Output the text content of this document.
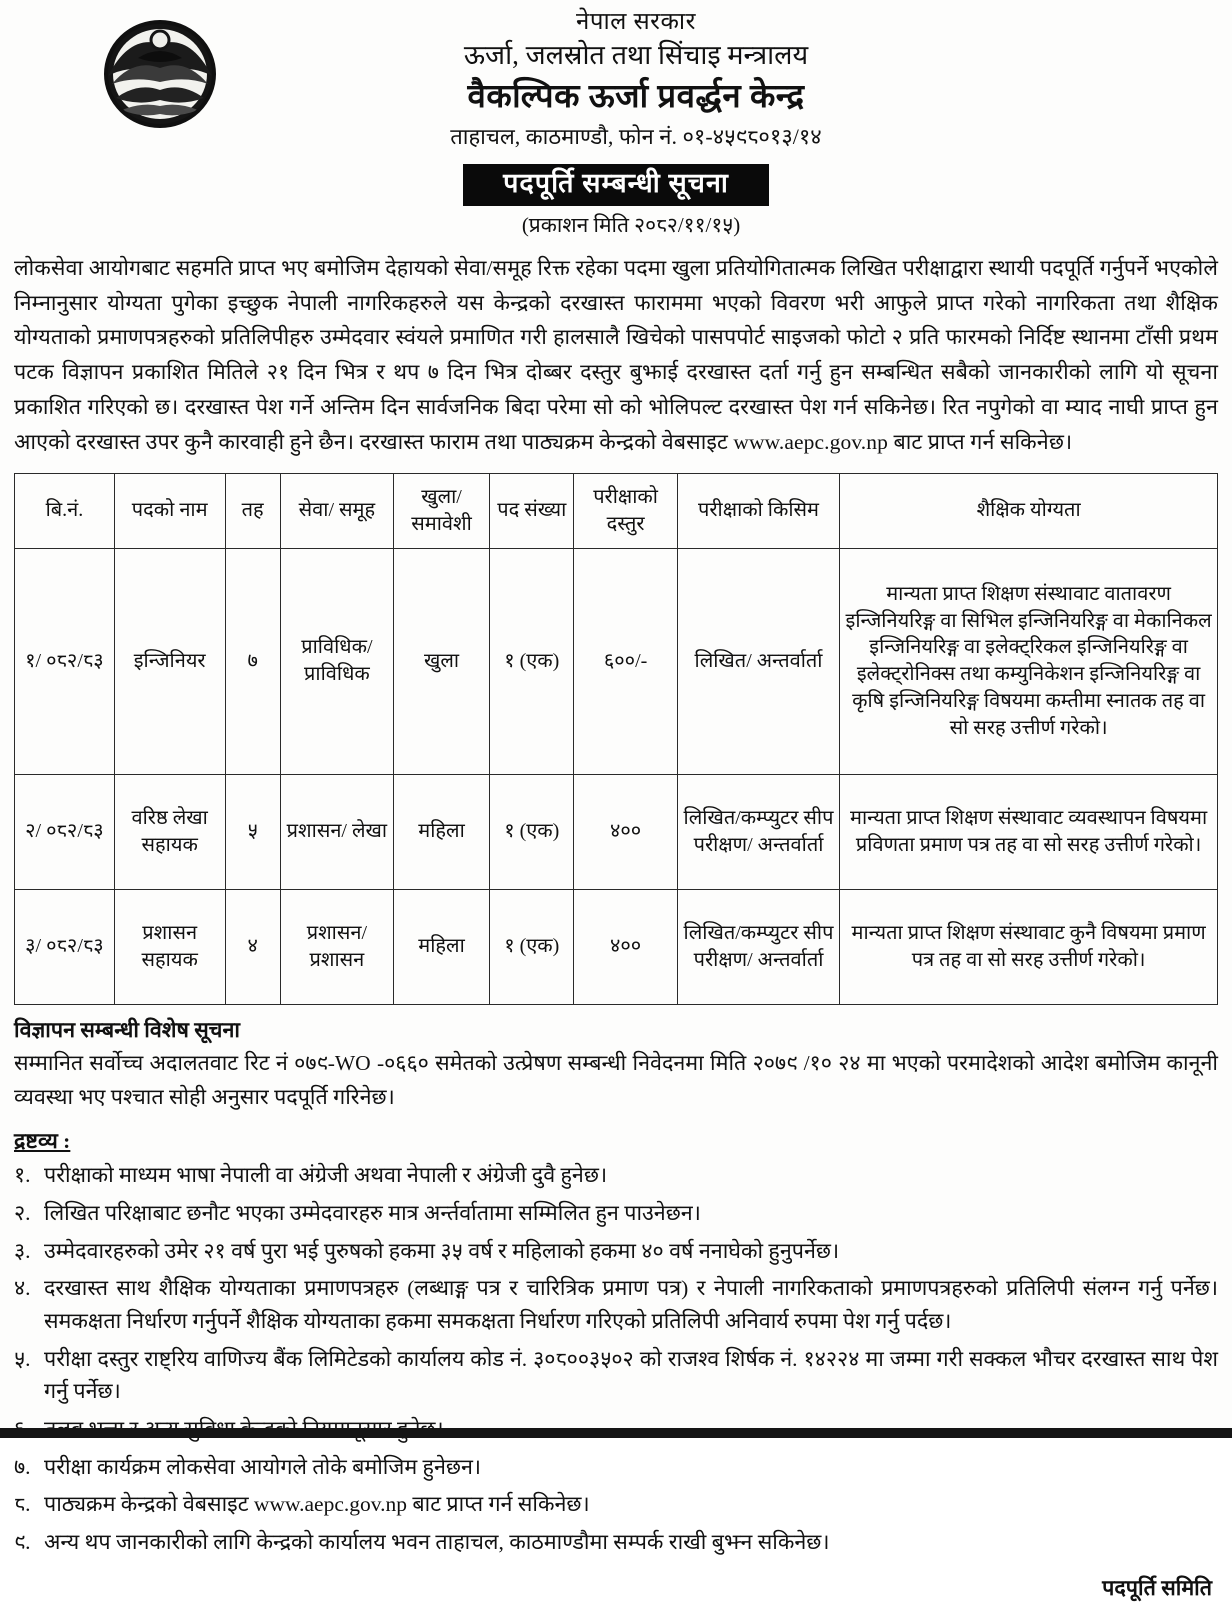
नेपाल सरकार
ऊर्जा, जलस्रोत तथा सिंचाइ मन्त्रालय
वैकल्पिक ऊर्जा प्रवर्द्धन केन्द्र
ताहाचल, काठमाण्डौ, फोन नं. ०१-४५९८०१३/१४
पदपूर्ति सम्बन्धी सूचना
(प्रकाशन मिति २०८२/११/१५)
लोकसेवा आयोगबाट सहमति प्राप्त भए बमोजिम देहायको सेवा/समूह रिक्त रहेका पदमा खुला प्रतियोगितात्मक लिखित परीक्षाद्वारा स्थायी पदपूर्ति गर्नुपर्ने भएकोले निम्नानुसार योग्यता पुगेका इच्छुक नेपाली नागरिकहरुले यस केन्द्रको दरखास्त फाराममा भएको विवरण भरी आफुले प्राप्त गरेको नागरिकता तथा शैक्षिक योग्यताको प्रमाणपत्रहरुको प्रतिलिपीहरु उम्मेदवार स्वंयले प्रमाणित गरी हालसालै खिचेको पासपपोर्ट साइजको फोटो २ प्रति फारमको निर्दिष्ट स्थानमा टाँसी प्रथम पटक विज्ञापन प्रकाशित मितिले २१ दिन भित्र र थप ७ दिन भित्र दोब्बर दस्तुर बुझाई दरखास्त दर्ता गर्नु हुन सम्बन्धित सबैको जानकारीको लागि यो सूचना प्रकाशित गरिएको छ। दरखास्त पेश गर्ने अन्तिम दिन सार्वजनिक बिदा परेमा सो को भोलिपल्ट दरखास्त पेश गर्न सकिनेछ। रित नपुगेको वा म्याद नाघी प्राप्त हुन आएको दरखास्त उपर कुनै कारवाही हुने छैन। दरखास्त फाराम तथा पाठ्यक्रम केन्द्रको वेबसाइट www.aepc.gov.np बाट प्राप्त गर्न सकिनेछ।
बि.नं.	पदको नाम	तह	सेवा/ समूह	खुला/ समावेशी	पद संख्या	परीक्षाको दस्तुर	परीक्षाको किसिम	शैक्षिक योग्यता
१/ ०८२/८३	इन्जिनियर	७	प्राविधिक/ प्राविधिक	खुला	१ (एक)	६००/-	लिखित/ अन्तर्वार्ता	मान्यता प्राप्त शिक्षण संस्थावाट वातावरण इन्जिनियरिङ्ग वा सिभिल इन्जिनियरिङ्ग वा मेकानिकल इन्जिनियरिङ्ग वा इलेक्ट्रिकल इन्जिनियरिङ्ग वा इलेक्ट्रोनिक्स तथा कम्युनिकेशन इन्जिनियरिङ्ग वा कृषि इन्जिनियरिङ्ग विषयमा कम्तीमा स्नातक तह वा सो सरह उत्तीर्ण गरेको।
२/ ०८२/८३	वरिष्ठ लेखा सहायक	५	प्रशासन/ लेखा	महिला	१ (एक)	४००	लिखित/कम्प्युटर सीप परीक्षण/ अन्तर्वार्ता	मान्यता प्राप्त शिक्षण संस्थावाट व्यवस्थापन विषयमा प्रविणता प्रमाण पत्र तह वा सो सरह उत्तीर्ण गरेको।
३/ ०८२/८३	प्रशासन सहायक	४	प्रशासन/ प्रशासन	महिला	१ (एक)	४००	लिखित/कम्प्युटर सीप परीक्षण/ अन्तर्वार्ता	मान्यता प्राप्त शिक्षण संस्थावाट कुनै विषयमा प्रमाण पत्र तह वा सो सरह उत्तीर्ण गरेको।
विज्ञापन सम्बन्धी विशेष सूचना
सम्मानित सर्वोच्च अदालतवाट रिट नं ०७९-WO -०६६० समेतको उत्प्रेषण सम्बन्धी निवेदनमा मिति २०७९ /१० २४ मा भएको परमादेशको आदेश बमोजिम कानूनी व्यवस्था भए पश्चात सोही अनुसार पदपूर्ति गरिनेछ।
द्रष्टव्य :
१. परीक्षाको माध्यम भाषा नेपाली वा अंग्रेजी अथवा नेपाली र अंग्रेजी दुवै हुनेछ।
२. लिखित परिक्षाबाट छनौट भएका उम्मेदवारहरु मात्र अर्न्तर्वातामा सम्मिलित हुन पाउनेछन।
३. उम्मेदवारहरुको उमेर २१ वर्ष पुरा भई पुरुषको हकमा ३५ वर्ष र महिलाको हकमा ४० वर्ष ननाघेको हुनुपर्नेछ।
४. दरखास्त साथ शैक्षिक योग्यताका प्रमाणपत्रहरु (लब्धाङ्ग पत्र र चारित्रिक प्रमाण पत्र) र नेपाली नागरिकताको प्रमाणपत्रहरुको प्रतिलिपी संलग्न गर्नु पर्नेछ। समकक्षता निर्धारण गर्नुपर्ने शैक्षिक योग्यताका हकमा समकक्षता निर्धारण गरिएको प्रतिलिपी अनिवार्य रुपमा पेश गर्नु पर्दछ।
५. परीक्षा दस्तुर राष्ट्रिय वाणिज्य बैंक लिमिटेडको कार्यालय कोड नं. ३०८००३५०२ को राजश्व शिर्षक नं. १४२२४ मा जम्मा गरी सक्कल भौचर दरखास्त साथ पेश गर्नु पर्नेछ।
७. परीक्षा कार्यक्रम लोकसेवा आयोगले तोके बमोजिम हुनेछन।
८. पाठ्यक्रम केन्द्रको वेबसाइट www.aepc.gov.np बाट प्राप्त गर्न सकिनेछ।
९. अन्य थप जानकारीको लागि केन्द्रको कार्यालय भवन ताहाचल, काठमाण्डौमा सम्पर्क राखी बुझ्न सकिनेछ।
पदपूर्ति समिति
